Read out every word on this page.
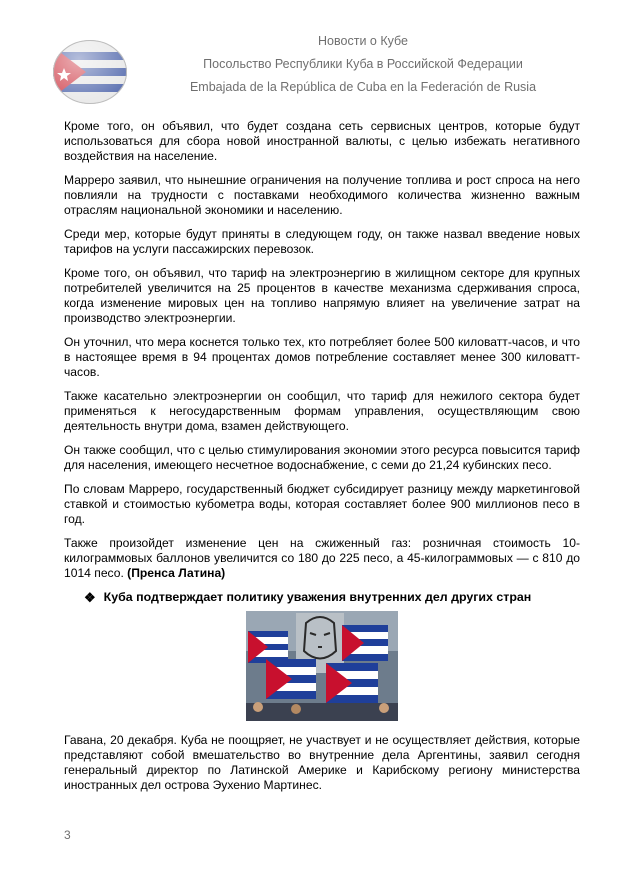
Новости о Кубе
Посольство Республики Куба в Российской Федерации
Embajada de la República de Cuba en la Federación de Rusia

Кроме того, он объявил, что будет создана сеть сервисных центров, которые будут использоваться для сбора новой иностранной валюты, с целью избежать негативного воздействия на население.

Марреро заявил, что нынешние ограничения на получение топлива и рост спроса на него повлияли на трудности с поставками необходимого количества жизненно важным отраслям национальной экономики и населению.

Среди мер, которые будут приняты в следующем году, он также назвал введение новых тарифов на услуги пассажирских перевозок.

Кроме того, он объявил, что тариф на электроэнергию в жилищном секторе для крупных потребителей увеличится на 25 процентов в качестве механизма сдерживания спроса, когда изменение мировых цен на топливо напрямую влияет на увеличение затрат на производство электроэнергии.

Он уточнил, что мера коснется только тех, кто потребляет более 500 киловатт-часов, и что в настоящее время в 94 процентах домов потребление составляет менее 300 киловатт-часов.

Также касательно электроэнергии он сообщил, что тариф для нежилого сектора будет применяться к негосударственным формам управления, осуществляющим свою деятельность внутри дома, взамен действующего.

Он также сообщил, что с целью стимулирования экономии этого ресурса повысится тариф для населения, имеющего несчетное водоснабжение, с семи до 21,24 кубинских песо.

По словам Марреро, государственный бюджет субсидирует разницу между маркетинговой ставкой и стоимостью кубометра воды, которая составляет более 900 миллионов песо в год.

Также произойдет изменение цен на сжиженный газ: розничная стоимость 10-килограммовых баллонов увеличится со 180 до 225 песо, а 45-килограммовых — с 810 до 1014 песо. (Пренса Латина)

❖ Куба подтверждает политику уважения внутренних дел других стран

Гавана, 20 декабря. Куба не поощряет, не участвует и не осуществляет действия, которые представляют собой вмешательство во внутренние дела Аргентины, заявил сегодня генеральный директор по Латинской Америке и Карибскому региону министерства иностранных дел острова Эухенио Мартинес.

3
